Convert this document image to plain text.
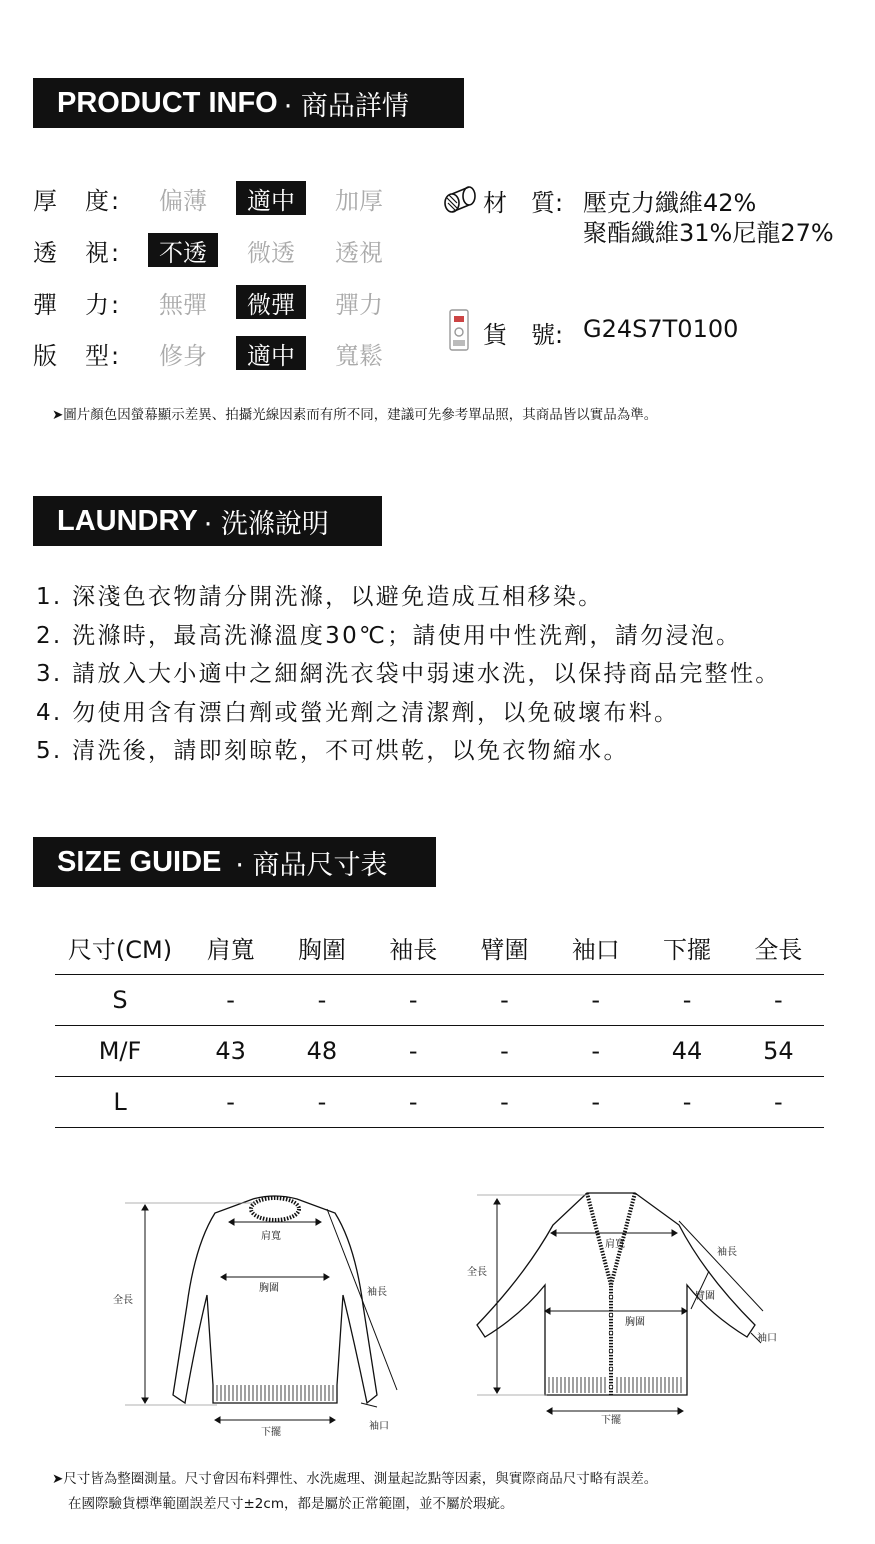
PRODUCT INFO · 商品詳情
厚　度:	偏薄	適中	加厚
透　視:	不透	微透	透視
彈　力:	無彈	微彈	彈力
版　型:	修身	適中	寬鬆
材　質: 壓克力纖維42%
聚酯纖維31%尼龍27%
貨　號: G24S7T0100
➤圖片顏色因螢幕顯示差異、拍攝光線因素而有所不同，建議可先參考單品照，其商品皆以實品為準。
LAUNDRY · 洗滌說明
1. 深淺色衣物請分開洗滌，以避免造成互相移染。
2. 洗滌時，最高洗滌溫度30℃；請使用中性洗劑，請勿浸泡。
3. 請放入大小適中之細網洗衣袋中弱速水洗，以保持商品完整性。
4. 勿使用含有漂白劑或螢光劑之清潔劑，以免破壞布料。
5. 清洗後，請即刻晾乾，不可烘乾，以免衣物縮水。
SIZE GUIDE · 商品尺寸表
尺寸(CM)	肩寬	胸圍	袖長	臂圍	袖口	下擺	全長
S	-	-	-	-	-	-	-
M/F	43	48	-	-	-	44	54
L	-	-	-	-	-	-	-
肩寬
胸圍	袖長
全長
下擺
袖口
肩寬
胸圍
袖長
臂圍
全長
下擺
袖口
➤尺寸皆為整圈測量。尺寸會因布料彈性、水洗處理、測量起訖點等因素，與實際商品尺寸略有誤差。
在國際驗貨標準範圍誤差尺寸±2cm，都是屬於正常範圍，並不屬於瑕疵。
